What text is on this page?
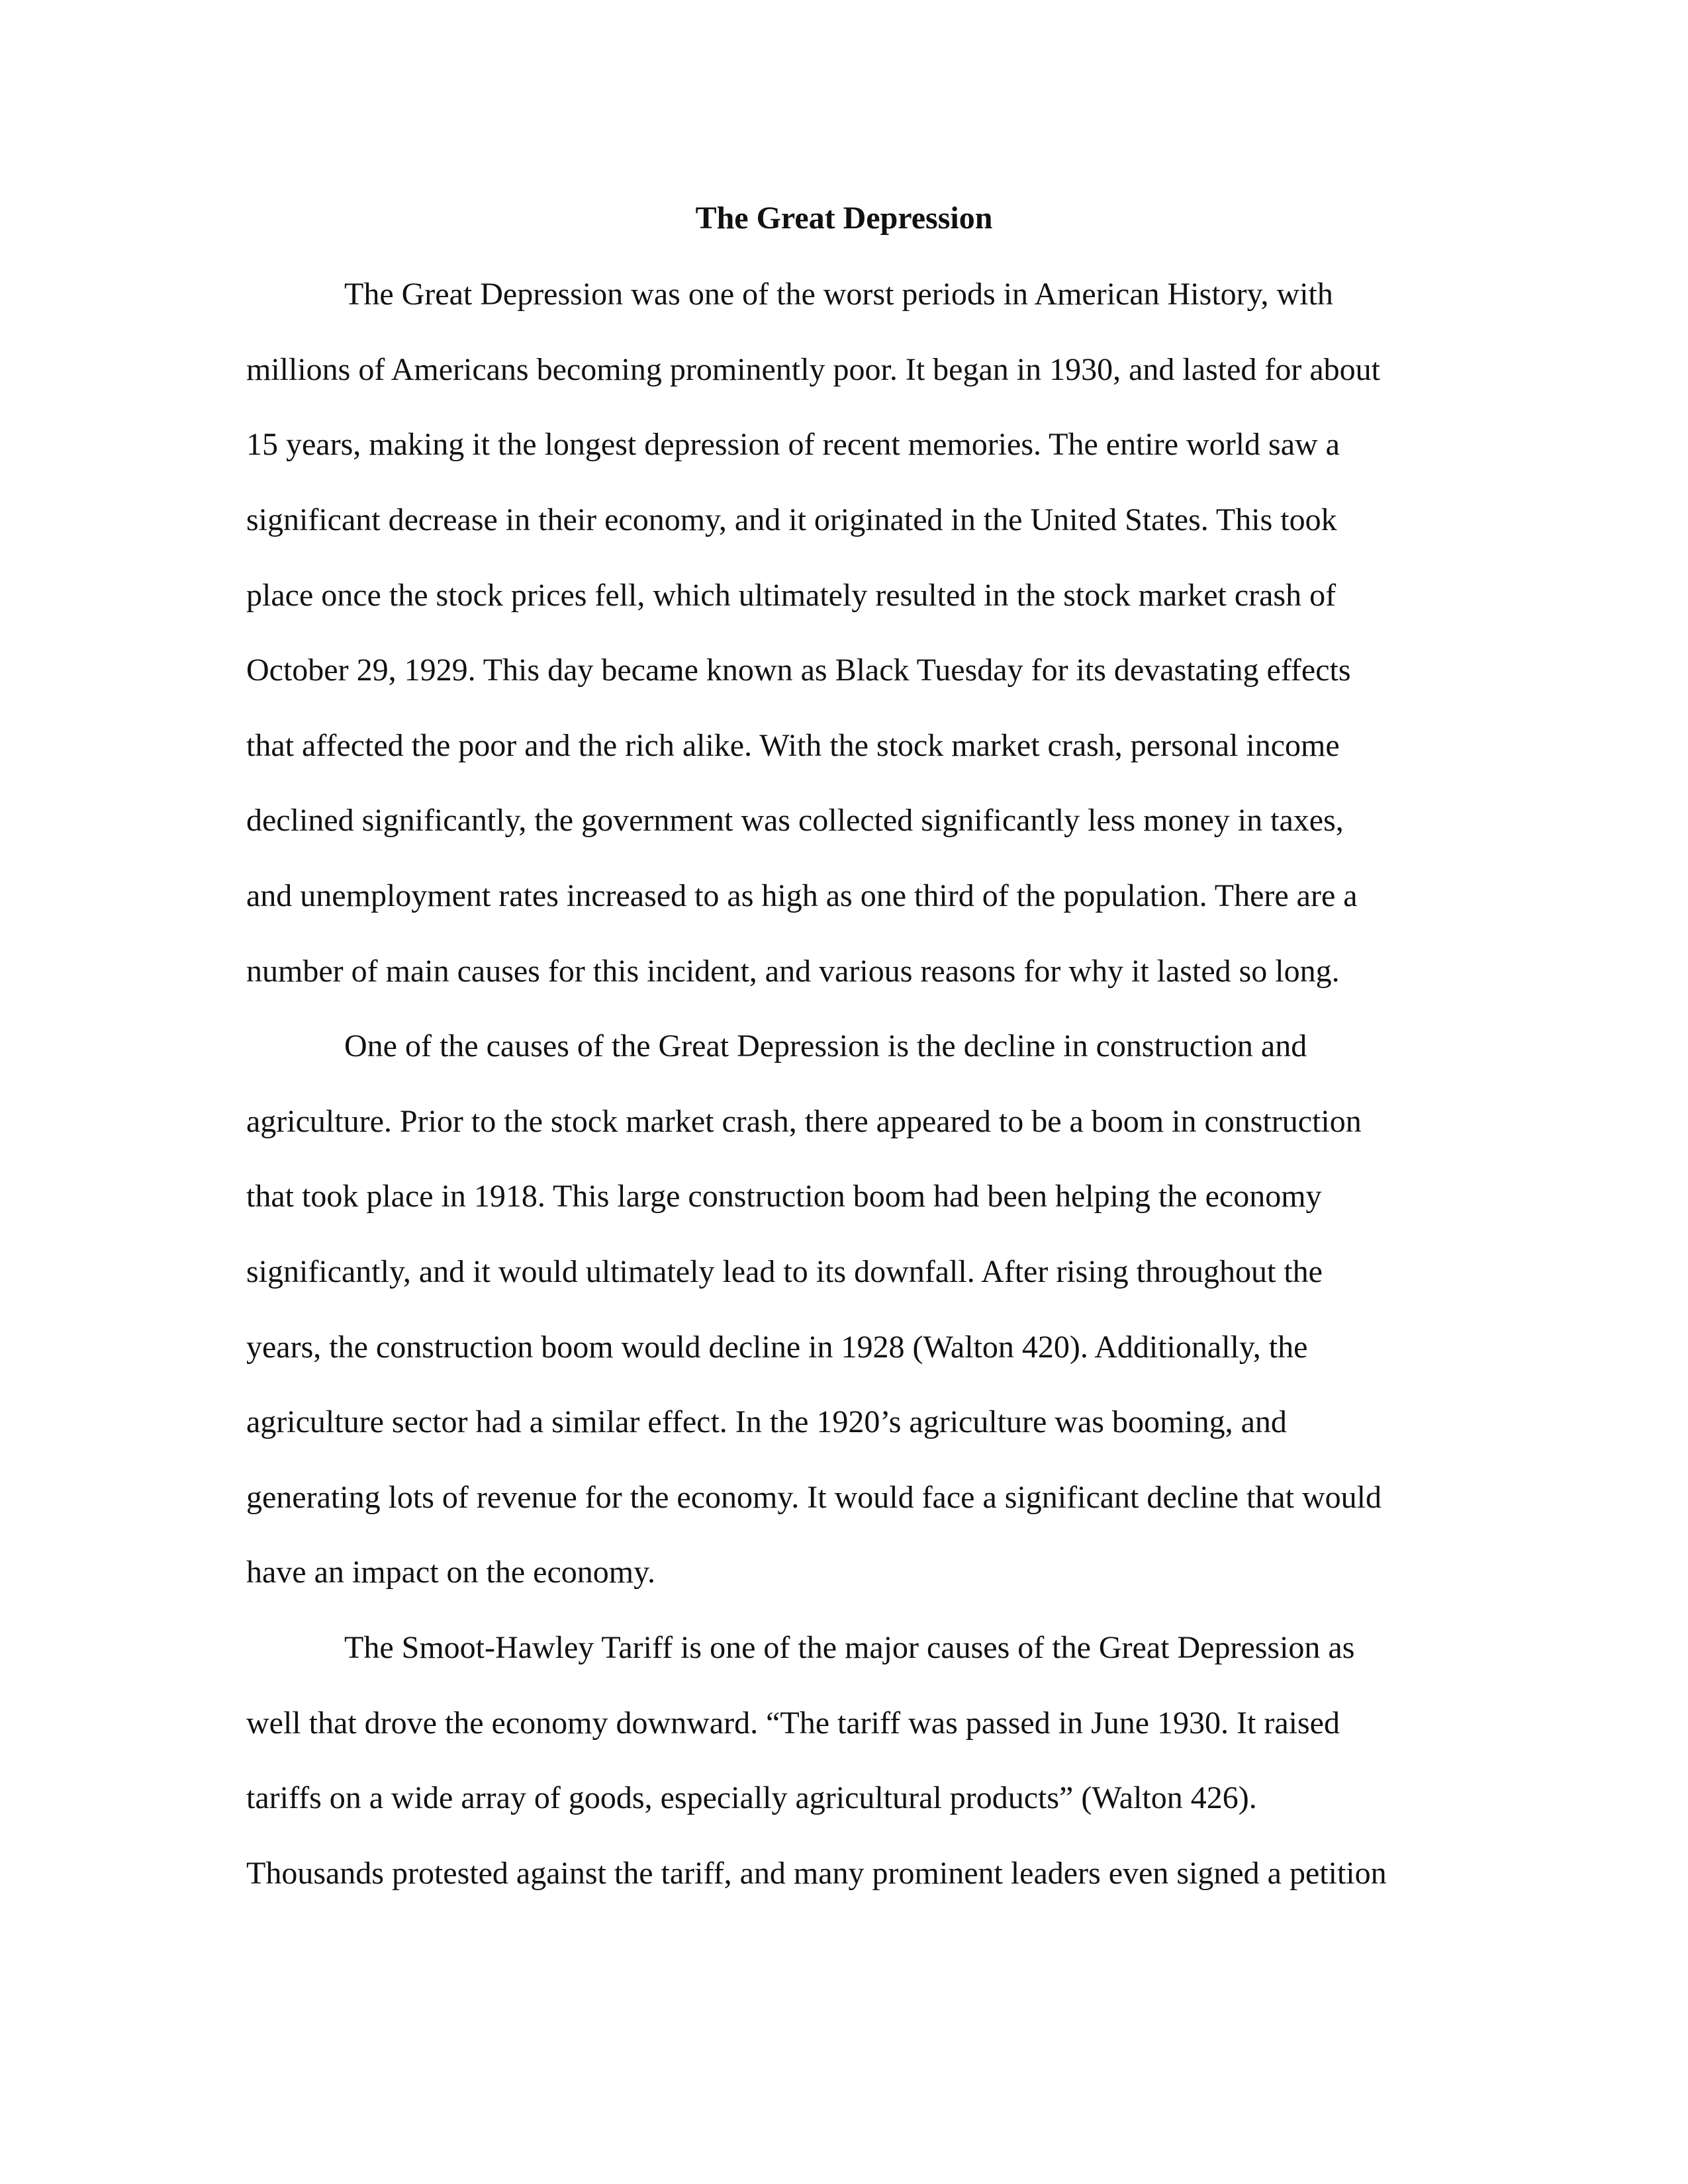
The Great Depression
The Great Depression was one of the worst periods in American History, with
millions of Americans becoming prominently poor. It began in 1930, and lasted for about
15 years, making it the longest depression of recent memories. The entire world saw a
significant decrease in their economy, and it originated in the United States. This took
place once the stock prices fell, which ultimately resulted in the stock market crash of
October 29, 1929. This day became known as Black Tuesday for its devastating effects
that affected the poor and the rich alike. With the stock market crash, personal income
declined significantly, the government was collected significantly less money in taxes,
and unemployment rates increased to as high as one third of the population. There are a
number of main causes for this incident, and various reasons for why it lasted so long.
One of the causes of the Great Depression is the decline in construction and
agriculture. Prior to the stock market crash, there appeared to be a boom in construction
that took place in 1918. This large construction boom had been helping the economy
significantly, and it would ultimately lead to its downfall. After rising throughout the
years, the construction boom would decline in 1928 (Walton 420). Additionally, the
agriculture sector had a similar effect. In the 1920’s agriculture was booming, and
generating lots of revenue for the economy. It would face a significant decline that would
have an impact on the economy.
The Smoot-Hawley Tariff is one of the major causes of the Great Depression as
well that drove the economy downward. “The tariff was passed in June 1930. It raised
tariffs on a wide array of goods, especially agricultural products” (Walton 426).
Thousands protested against the tariff, and many prominent leaders even signed a petition
